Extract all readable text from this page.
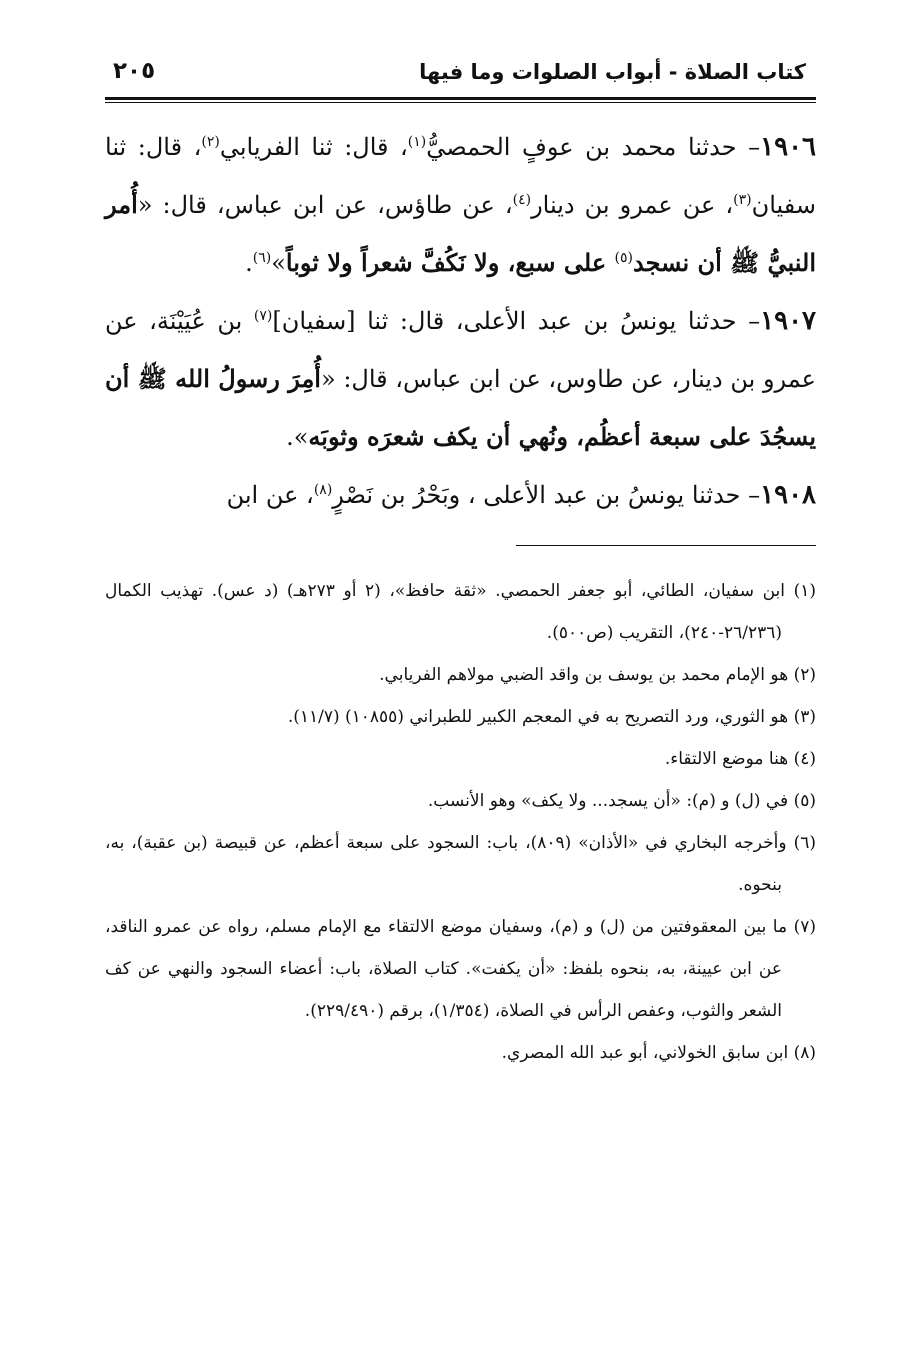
كتاب الصلاة - أبواب الصلوات وما فيها
٢٠٥

١٩٠٦– حدثنا محمد بن عوفٍ الحمصيُّ$^{(١)}$، قال: ثنا الفريابي$^{(٢)}$، قال: ثنا سفيان$^{(٣)}$، عن عمرو بن دينار$^{(٤)}$، عن طاؤس، عن ابن عباس، قال: «أُمر النبيُّ ﷺ أن نسجد$^{(٥)}$ على سبع، ولا نَكُفَّ شعراً ولا ثوباً»$^{(٦)}$.

١٩٠٧– حدثنا يونسُ بن عبد الأعلى، قال: ثنا [سفيان]$^{(٧)}$ بن عُيَيْنَة، عن عمرو بن دينار، عن طاوس، عن ابن عباس، قال: «أُمِرَ رسولُ الله ﷺ أن يسجُدَ على سبعة أعظُم، ونُهي أن يكف شعرَه وثوبَه».

١٩٠٨– حدثنا يونسُ بن عبد الأعلى ، وبَحْرُ بن نَصْرٍ$^{(٨)}$، عن ابن

(١) ابن سفيان، الطائي، أبو جعفر الحمصي. «ثقة حافظ»، (٢ أو ٢٧٣هـ) (د عس). تهذيب الكمال (٢٦/٢٣٦-٢٤٠)، التقريب (ص٥٠٠).

(٢) هو الإمام محمد بن يوسف بن واقد الضبي مولاهم الفريابي.

(٣) هو الثوري، ورد التصريح به في المعجم الكبير للطبراني (١٠٨٥٥) (١١/٧).

(٤) هنا موضع الالتقاء.

(٥) في (ل) و (م): «أن يسجد... ولا يكف» وهو الأنسب.

(٦) وأخرجه البخاري في «الأذان» (٨٠٩)، باب: السجود على سبعة أعظم، عن قبيصة (بن عقبة)، به، بنحوه.

(٧) ما بين المعقوفتين من (ل) و (م)، وسفيان موضع الالتقاء مع الإمام مسلم، رواه عن عمرو الناقد، عن ابن عيينة، به، بنحوه بلفظ: «أن يكفت». كتاب الصلاة، باب: أعضاء السجود والنهي عن كف الشعر والثوب، وعفص الرأس في الصلاة، (١/٣٥٤)، برقم (٢٢٩/٤٩٠).

(٨) ابن سابق الخولاني، أبو عبد الله المصري.
